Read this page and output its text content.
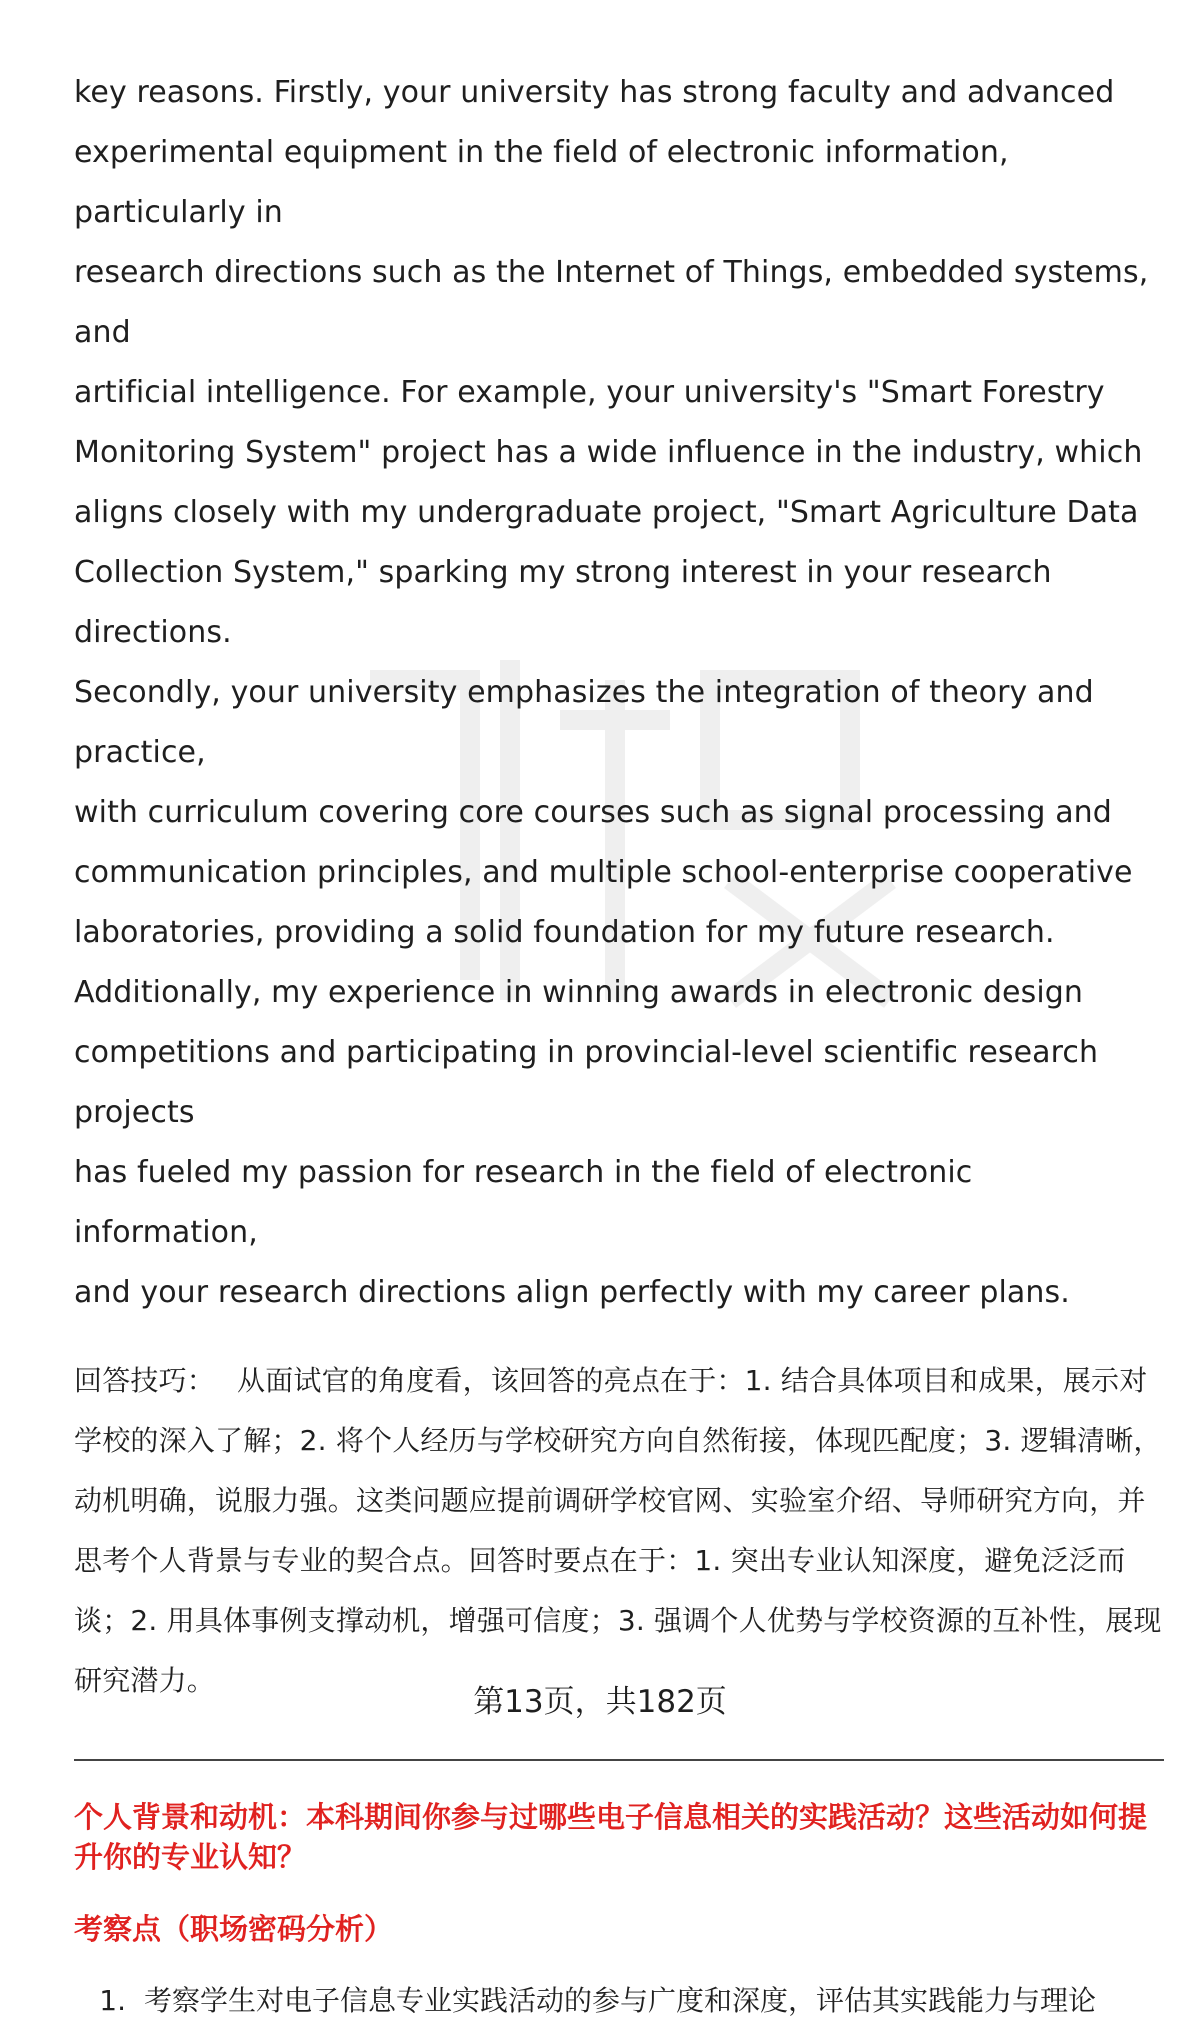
key reasons. Firstly, your university has strong faculty and advanced
experimental equipment in the field of electronic information, particularly in
research directions such as the Internet of Things, embedded systems, and
artificial intelligence. For example, your university's "Smart Forestry
Monitoring System" project has a wide influence in the industry, which
aligns closely with my undergraduate project, "Smart Agriculture Data
Collection System," sparking my strong interest in your research directions.
Secondly, your university emphasizes the integration of theory and practice,
with curriculum covering core courses such as signal processing and
communication principles, and multiple school-enterprise cooperative
laboratories, providing a solid foundation for my future research.
Additionally, my experience in winning awards in electronic design
competitions and participating in provincial-level scientific research projects
has fueled my passion for research in the field of electronic information,
and your research directions align perfectly with my career plans.

回答技巧： 从面试官的角度看，该回答的亮点在于：1. 结合具体项目和成果，展示对学校的深入了解；2. 将个人经历与学校研究方向自然衔接，体现匹配度；3. 逻辑清晰，动机明确，说服力强。这类问题应提前调研学校官网、实验室介绍、导师研究方向，并思考个人背景与专业的契合点。回答时要点在于：1. 突出专业认知深度，避免泛泛而谈；2. 用具体事例支撑动机，增强可信度；3. 强调个人优势与学校资源的互补性，展现研究潜力。

个人背景和动机：本科期间你参与过哪些电子信息相关的实践活动？这些活动如何提升你的专业认知？
考察点（职场密码分析）
1. 考察学生对电子信息专业实践活动的参与广度和深度，评估其实践能力与理论
第13页，共182页
